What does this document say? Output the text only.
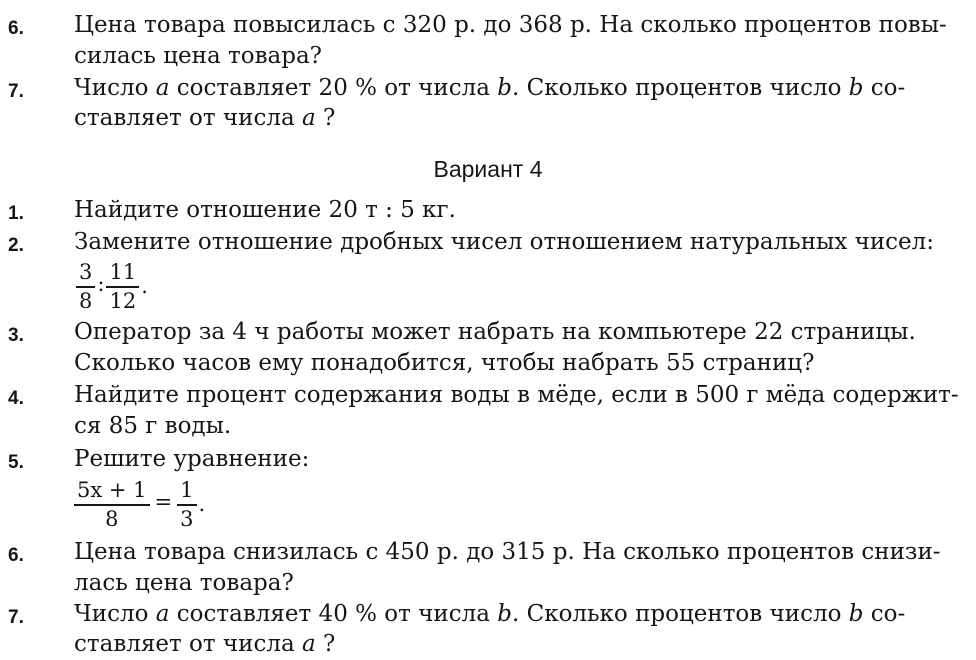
6. Цена товара повысилась с 320 р. до 368 р. На сколько процентов повы-
силась цена товара?
7. Число a составляет 20 % от числа b. Сколько процентов число b со-
ставляет от числа a ?
Вариант 4
1. Найдите отношение 20 т : 5 кг.
2. Замените отношение дробных чисел отношением натуральных чисел:
3
8
: 11
12
.
3. Оператор за 4 ч работы может набрать на компьютере 22 страницы.
Сколько часов ему понадобится, чтобы набрать 55 страниц?
4. Найдите процент содержания воды в мёде, если в 500 г мёда содержит-
ся 85 г воды.
5. Решите уравнение:
5x + 1
8
= 1
3
.
6. Цена товара снизилась с 450 р. до 315 р. На сколько процентов снизи-
лась цена товара?
7. Число a составляет 40 % от числа b. Сколько процентов число b со-
ставляет от числа a ?
